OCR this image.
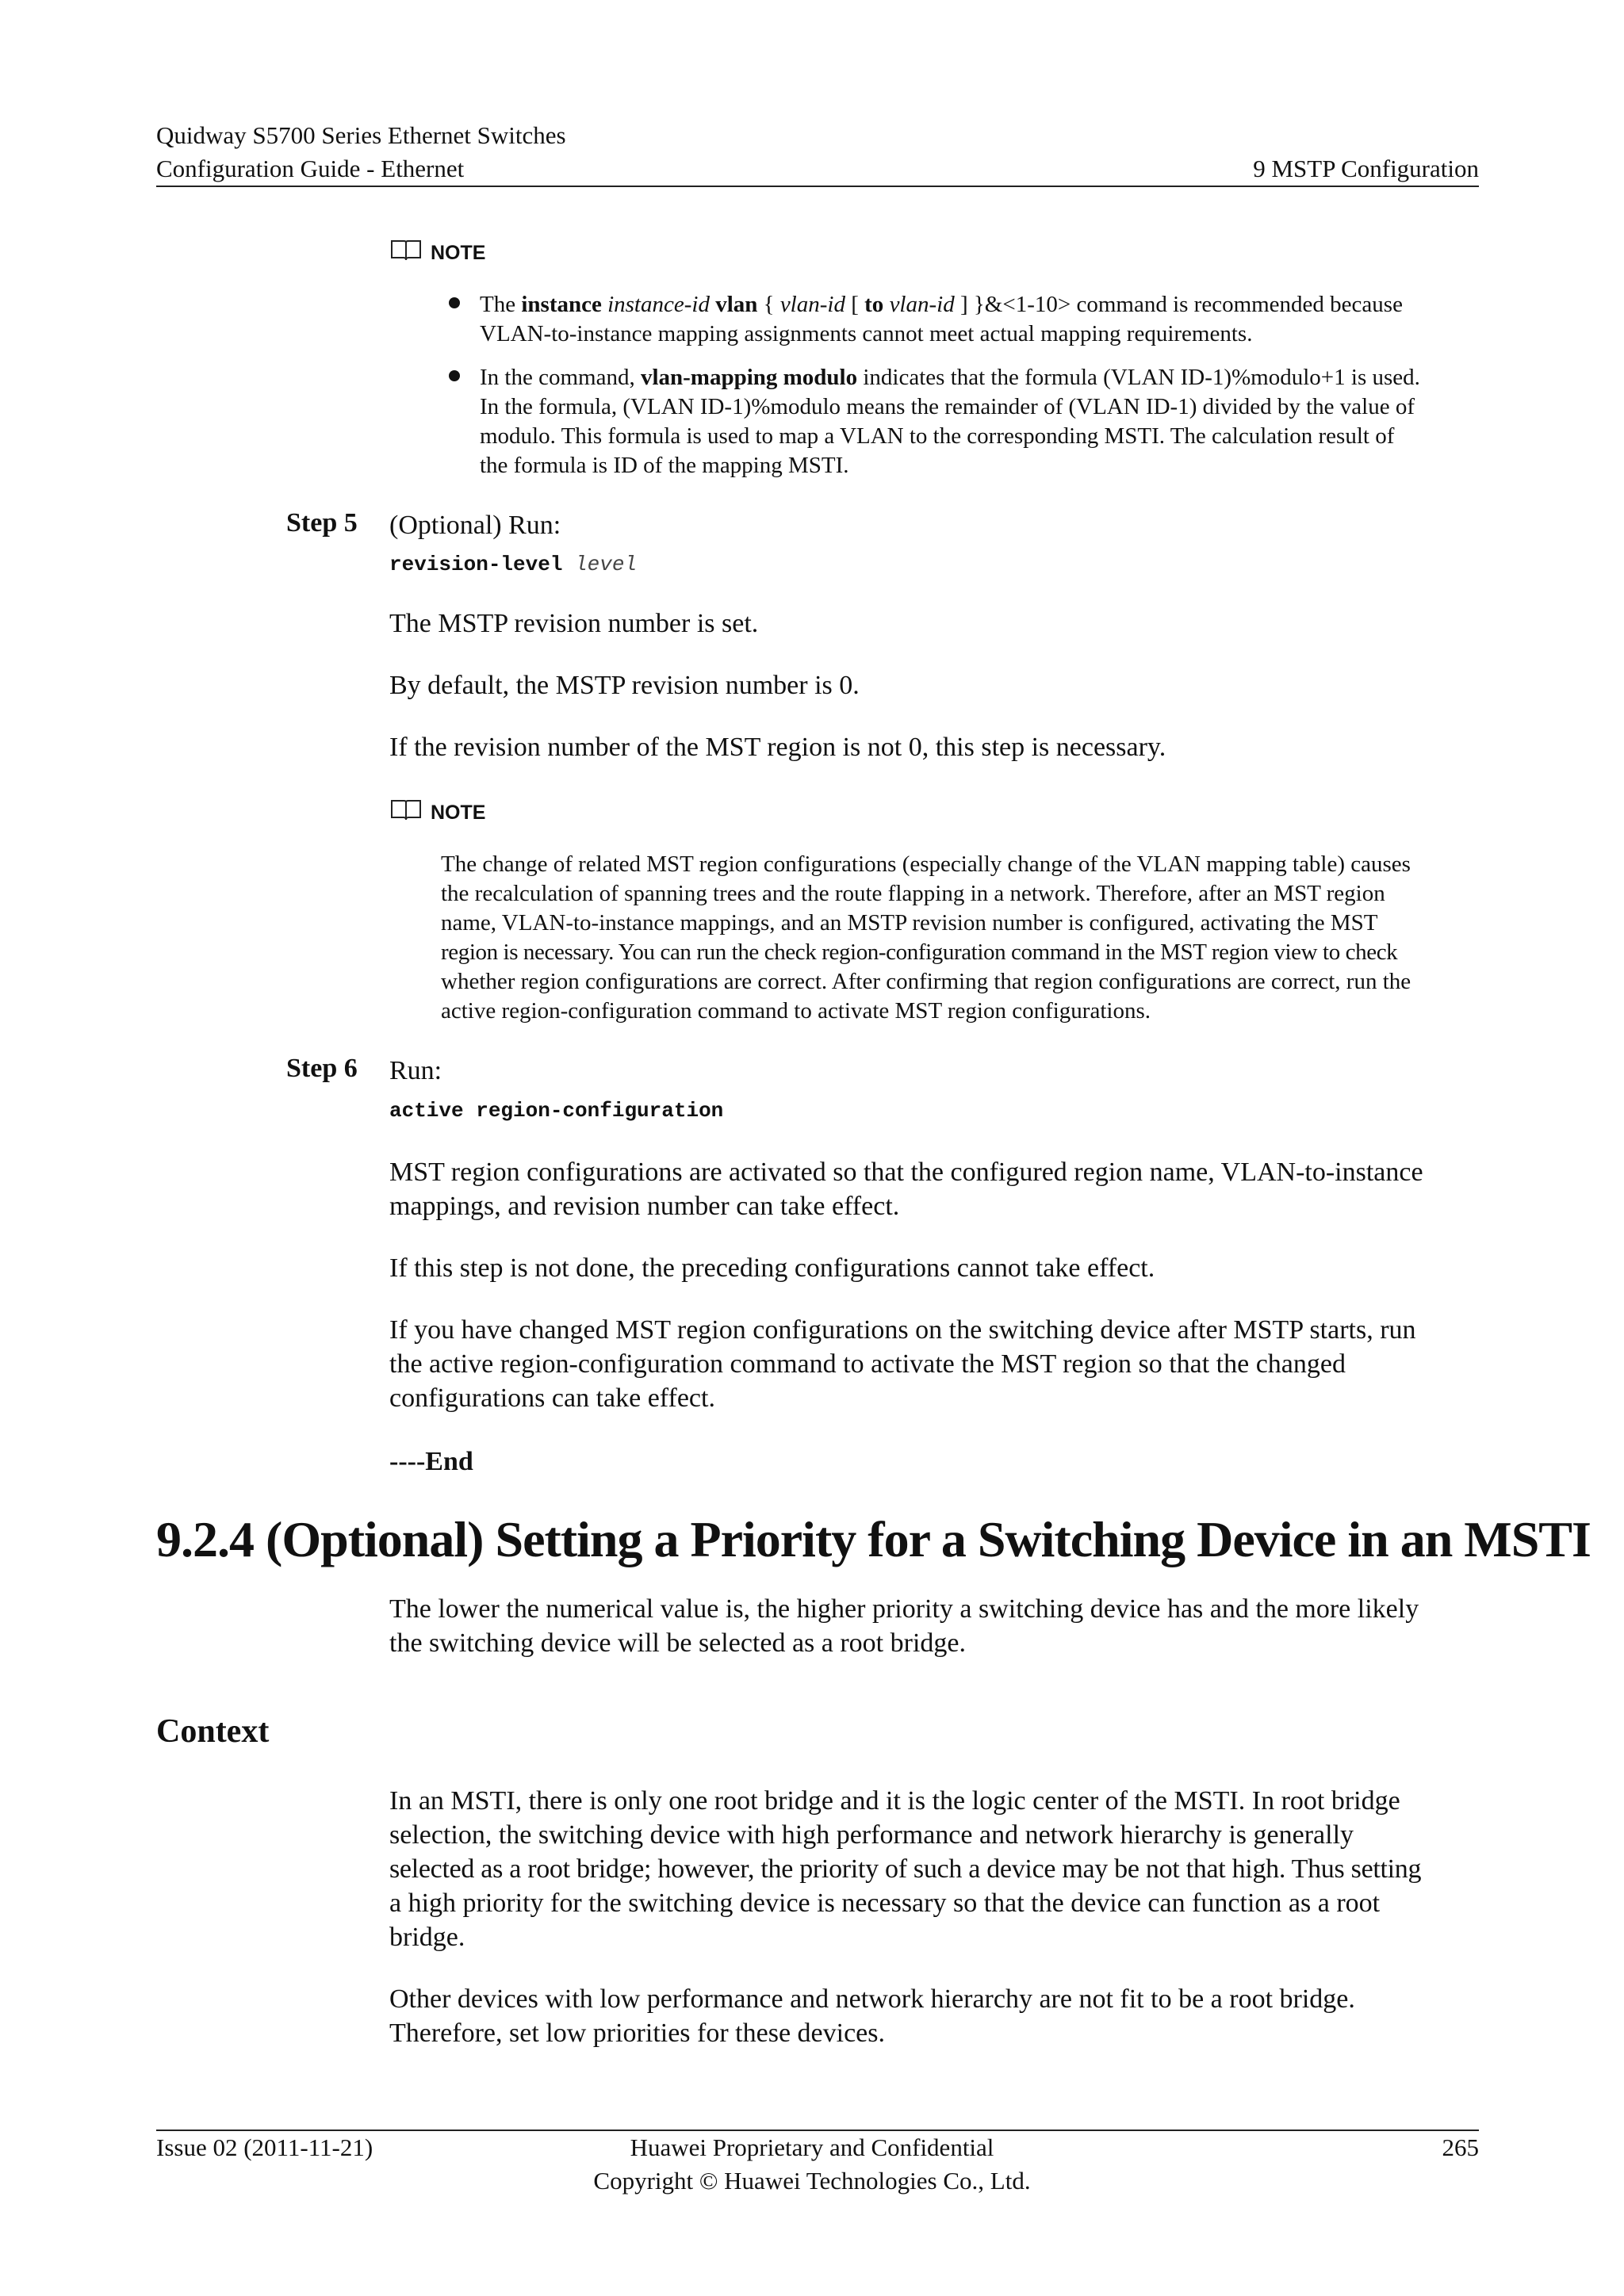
Quidway S5700 Series Ethernet Switches
Configuration Guide - Ethernet	9 MSTP Configuration
NOTE
The instance instance-id vlan { vlan-id [ to vlan-id ] }&<1-10> command is recommended because
VLAN-to-instance mapping assignments cannot meet actual mapping requirements.
In the command, vlan-mapping modulo indicates that the formula (VLAN ID-1)%modulo+1 is used.
In the formula, (VLAN ID-1)%modulo means the remainder of (VLAN ID-1) divided by the value of
modulo. This formula is used to map a VLAN to the corresponding MSTI. The calculation result of
the formula is ID of the mapping MSTI.
Step 5 (Optional) Run:
revision-level level
The MSTP revision number is set.
By default, the MSTP revision number is 0.
If the revision number of the MST region is not 0, this step is necessary.
NOTE
The change of related MST region configurations (especially change of the VLAN mapping table) causes
the recalculation of spanning trees and the route flapping in a network. Therefore, after an MST region
name, VLAN-to-instance mappings, and an MSTP revision number is configured, activating the MST
region is necessary. You can run the check region-configuration command in the MST region view to check
whether region configurations are correct. After confirming that region configurations are correct, run the
active region-configuration command to activate MST region configurations.
Step 6 Run:
active region-configuration
MST region configurations are activated so that the configured region name, VLAN-to-instance
mappings, and revision number can take effect.
If this step is not done, the preceding configurations cannot take effect.
If you have changed MST region configurations on the switching device after MSTP starts, run
the active region-configuration command to activate the MST region so that the changed
configurations can take effect.
----End
9.2.4 (Optional) Setting a Priority for a Switching Device in an MSTI
The lower the numerical value is, the higher priority a switching device has and the more likely
the switching device will be selected as a root bridge.
Context
In an MSTI, there is only one root bridge and it is the logic center of the MSTI. In root bridge
selection, the switching device with high performance and network hierarchy is generally
selected as a root bridge; however, the priority of such a device may be not that high. Thus setting
a high priority for the switching device is necessary so that the device can function as a root
bridge.
Other devices with low performance and network hierarchy are not fit to be a root bridge.
Therefore, set low priorities for these devices.
Issue 02 (2011-11-21)	Huawei Proprietary and Confidential
Copyright © Huawei Technologies Co., Ltd.
265
